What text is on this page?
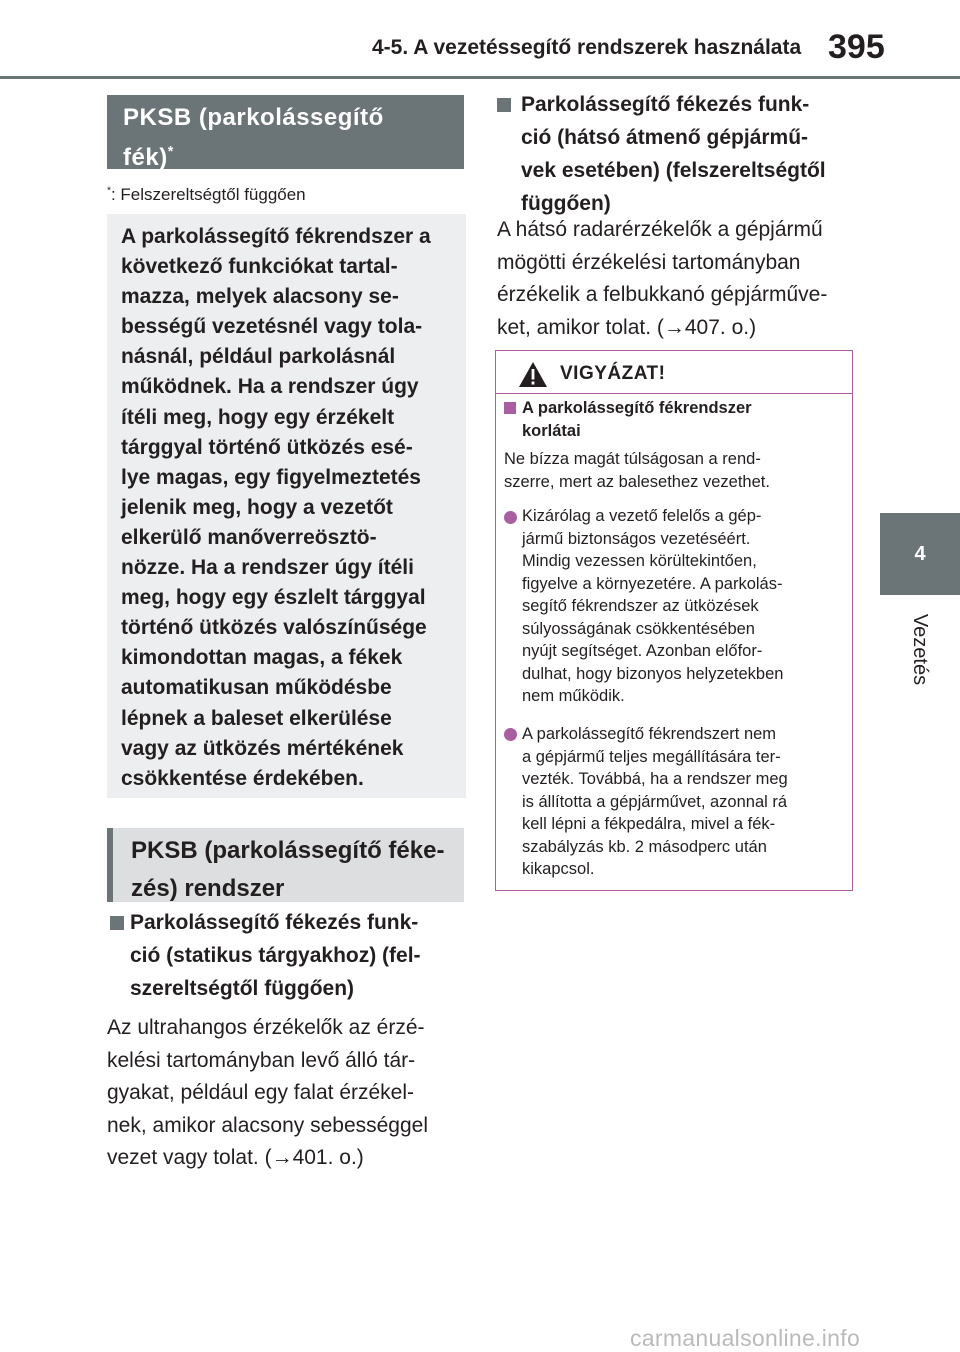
4-5. A vezetéssegítő rendszerek használata 395
4
Vezetés
PKSB (parkolássegítő
fék)*
*: Felszereltségtől függően
A parkolássegítő fékrendszer a
következő funkciókat tartal-
mazza, melyek alacsony se-
bességű vezetésnél vagy tola-
násnál, például parkolásnál
működnek. Ha a rendszer úgy
ítéli meg, hogy egy érzékelt
tárggyal történő ütközés esé-
lye magas, egy figyelmeztetés
jelenik meg, hogy a vezetőt
elkerülő manőverreösztö-
nözze. Ha a rendszer úgy ítéli
meg, hogy egy észlelt tárggyal
történő ütközés valószínűsége
kimondottan magas, a fékek
automatikusan működésbe
lépnek a baleset elkerülése
vagy az ütközés mértékének
csökkentése érdekében.
PKSB (parkolássegítő féke-
zés) rendszer
Parkolássegítő fékezés funk-
ció (statikus tárgyakhoz) (fel-
szereltségtől függően)
Az ultrahangos érzékelők az érzé-
kelési tartományban levő álló tár-
gyakat, például egy falat érzékel-
nek, amikor alacsony sebességgel
vezet vagy tolat. (→401. o.)
Parkolássegítő fékezés funk-
ció (hátsó átmenő gépjármű-
vek esetében) (felszereltségtől
függően)
A hátsó radarérzékelők a gépjármű
mögötti érzékelési tartományban
érzékelik a felbukkanó gépjárműve-
ket, amikor tolat. (→407. o.)
VIGYÁZAT!
A parkolássegítő fékrendszer
korlátai
Ne bízza magát túlságosan a rend-
szerre, mert az balesethez vezethet.
Kizárólag a vezető felelős a gép-
jármű biztonságos vezetéséért.
Mindig vezessen körültekintően,
figyelve a környezetére. A parkolás-
segítő fékrendszer az ütközések
súlyosságának csökkentésében
nyújt segítséget. Azonban előfor-
dulhat, hogy bizonyos helyzetekben
nem működik.
A parkolássegítő fékrendszert nem
a gépjármű teljes megállítására ter-
vezték. Továbbá, ha a rendszer meg
is állította a gépjárművet, azonnal rá
kell lépni a fékpedálra, mivel a fék-
szabályzás kb. 2 másodperc után
kikapcsol.
carmanualsonline.info
